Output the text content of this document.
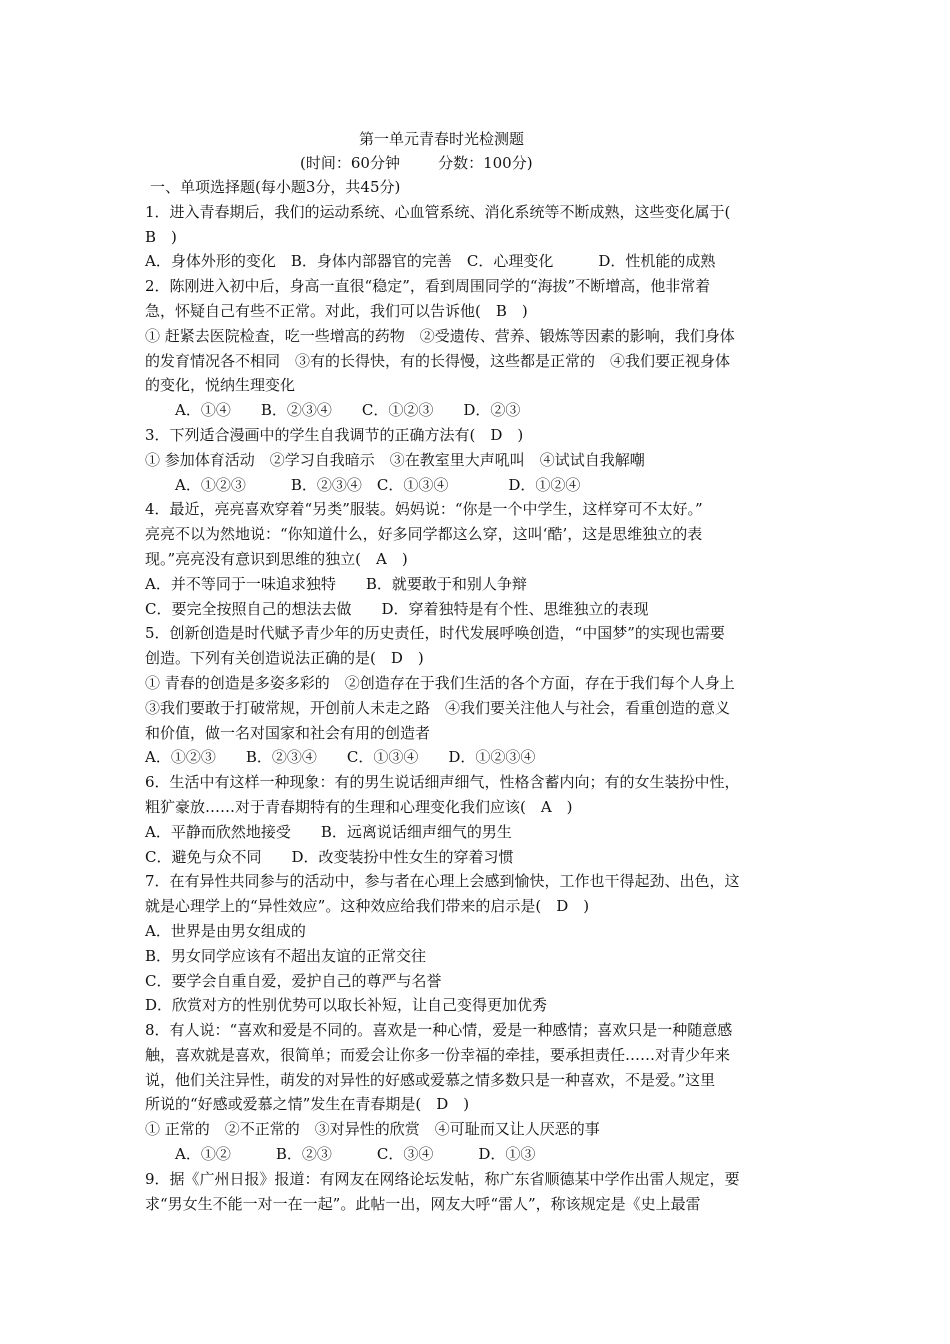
第一单元青春时光检测题
(时间：60分钟        分数：100分)
一、单项选择题(每小题3分，共45分)
1．进入青春期后，我们的运动系统、心血管系统、消化系统等不断成熟，这些变化属于(
B　)
A．身体外形的变化　B．身体内部器官的完善　C．心理变化　　　D．性机能的成熟
2．陈刚进入初中后，身高一直很“稳定”，看到周围同学的“海拔”不断增高，他非常着
急，怀疑自己有些不正常。对此，我们可以告诉他(　B　)
① 赶紧去医院检查，吃一些增高的药物　②受遗传、营养、锻炼等因素的影响，我们身体
的发育情况各不相同　③有的长得快，有的长得慢，这些都是正常的　④我们要正视身体
的变化，悦纳生理变化
A．①④　　B．②③④　　C．①②③　　D．②③
3．下列适合漫画中的学生自我调节的正确方法有(　D　)
① 参加体育活动　②学习自我暗示　③在教室里大声吼叫　④试试自我解嘲
A．①②③　　　B．②③④　C．①③④　　　　D．①②④
4．最近，亮亮喜欢穿着“另类”服装。妈妈说：“你是一个中学生，这样穿可不太好。”
亮亮不以为然地说：“你知道什么，好多同学都这么穿，这叫‘酷’，这是思维独立的表
现。”亮亮没有意识到思维的独立(　A　)
A．并不等同于一味追求独特　　B．就要敢于和别人争辩
C．要完全按照自己的想法去做　　D．穿着独特是有个性、思维独立的表现
5．创新创造是时代赋予青少年的历史责任，时代发展呼唤创造，“中国梦”的实现也需要
创造。下列有关创造说法正确的是(　D　)
① 青春的创造是多姿多彩的　②创造存在于我们生活的各个方面，存在于我们每个人身上
③我们要敢于打破常规，开创前人未走之路　④我们要关注他人与社会，看重创造的意义
和价值，做一名对国家和社会有用的创造者
A．①②③　　B．②③④　　C．①③④　　D．①②③④
6．生活中有这样一种现象：有的男生说话细声细气，性格含蓄内向；有的女生装扮中性，
粗犷豪放……对于青春期特有的生理和心理变化我们应该(　A　)
A．平静而欣然地接受　　B．远离说话细声细气的男生
C．避免与众不同　　D．改变装扮中性女生的穿着习惯
7．在有异性共同参与的活动中，参与者在心理上会感到愉快，工作也干得起劲、出色，这
就是心理学上的“异性效应”。这种效应给我们带来的启示是(　D　)
A．世界是由男女组成的
B．男女同学应该有不超出友谊的正常交往
C．要学会自重自爱，爱护自己的尊严与名誉
D．欣赏对方的性别优势可以取长补短，让自己变得更加优秀
8．有人说：“喜欢和爱是不同的。喜欢是一种心情，爱是一种感情；喜欢只是一种随意感
触，喜欢就是喜欢，很简单；而爱会让你多一份幸福的牵挂，要承担责任……对青少年来
说，他们关注异性，萌发的对异性的好感或爱慕之情多数只是一种喜欢，不是爱。”这里
所说的“好感或爱慕之情”发生在青春期是(　D　)
① 正常的　②不正常的　③对异性的欣赏　④可耻而又让人厌恶的事
A．①②　　　B．②③　　　C．③④　　　D．①③
9．据《广州日报》报道：有网友在网络论坛发帖，称广东省顺德某中学作出雷人规定，要
求“男女生不能一对一在一起”。此帖一出，网友大呼“雷人”，称该规定是《史上最雷
